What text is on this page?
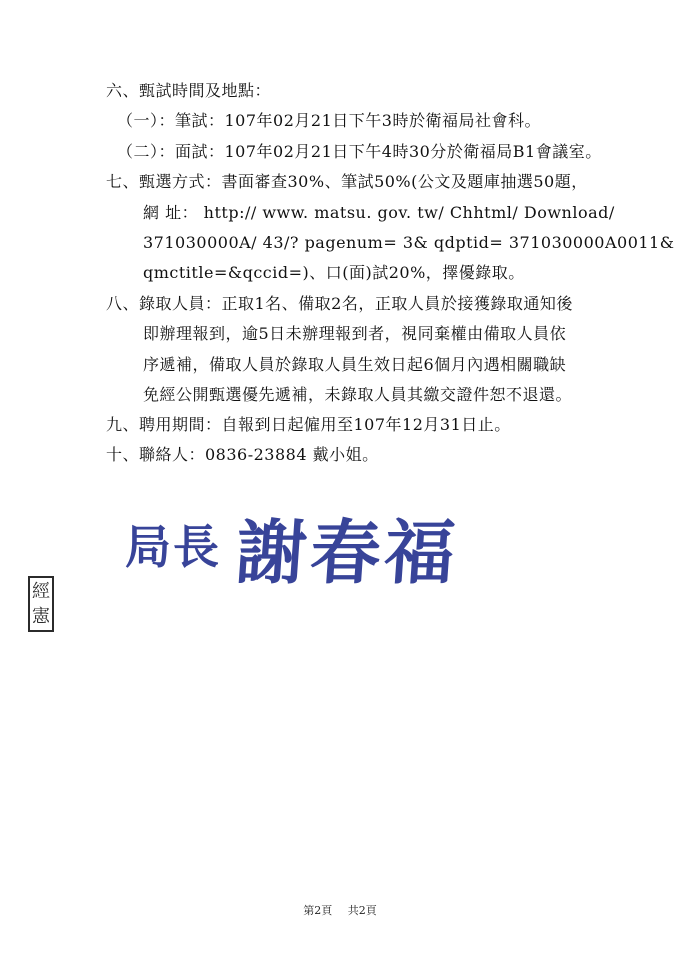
六、甄試時間及地點：
（一）：筆試：107年02月21日下午3時於衛福局社會科。
（二）：面試：107年02月21日下午4時30分於衛福局B1會議室。
七、甄選方式：書面審查30%、筆試50%(公文及題庫抽選50題，
網 址： http:// www. matsu. gov. tw/ Chhtml/ Download/
371030000A/ 43/? pagenum= 3& qdptid= 371030000A0011&
qmctitle=&qccid=)、口(面)試20%，擇優錄取。
八、錄取人員：正取1名、備取2名，正取人員於接獲錄取通知後
即辦理報到，逾5日未辦理報到者，視同棄權由備取人員依
序遞補，備取人員於錄取人員生效日起6個月內遇相關職缺
免經公開甄選優先遞補，未錄取人員其繳交證件恕不退還。
九、聘用期間：自報到日起僱用至107年12月31日止。
十、聯絡人：0836-23884 戴小姐。
局長 謝春福
經
憲
第2頁 共2頁
